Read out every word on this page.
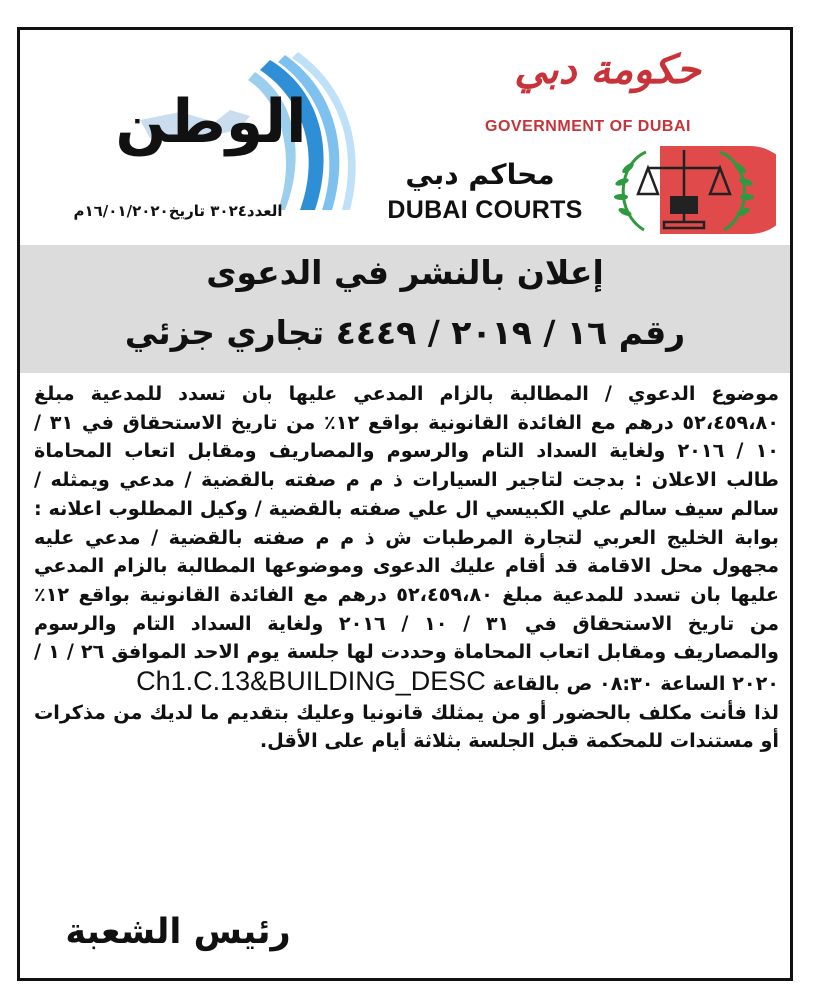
الوطن
العدد٣٠٢٤ تاريخ١٦/٠١/٢٠٢٠م
حكومة دبي
GOVERNMENT OF DUBAI
محاكم دبي
DUBAI COURTS
إعلان بالنشر في الدعوى
رقم ١٦ / ٢٠١٩ / ٤٤٤٩ تجاري جزئي

موضوع الدعوي / المطالبة بالزام المدعي عليها بان تسدد للمدعية مبلغ ٥٢،٤٥٩،٨٠ درهم مع الفائدة القانونية بواقع ١٢٪ من تاريخ الاستحقاق في ٣١ / ١٠ / ٢٠١٦ ولغاية السداد التام والرسوم والمصاريف ومقابل اتعاب المحاماة طالب الاعلان : بدجت لتاجير السيارات ذ م م صفته بالقضية / مدعي ويمثله / سالم سيف سالم علي الكبيسي ال علي صفته بالقضية / وكيل المطلوب اعلانه : بوابة الخليج العربي لتجارة المرطبات ش ذ م م صفته بالقضية / مدعي عليه مجهول محل الاقامة قد أقام عليك الدعوى وموضوعها المطالبة بالزام المدعي عليها بان تسدد للمدعية مبلغ ٥٢،٤٥٩،٨٠ درهم مع الفائدة القانونية بواقع ١٢٪ من تاريخ الاستحقاق في ٣١ / ١٠ / ٢٠١٦ ولغاية السداد التام والرسوم والمصاريف ومقابل اتعاب المحاماة وحددت لها جلسة يوم الاحد الموافق ٢٦ / ١ / ٢٠٢٠ الساعة ٠٨:٣٠ ص بالقاعة Ch1.C.13&BUILDING_DESC

لذا فأنت مكلف بالحضور أو من يمثلك قانونيا وعليك بتقديم ما لديك من مذكرات أو مستندات للمحكمة قبل الجلسة بثلاثة أيام على الأقل.

رئيس الشعبة
